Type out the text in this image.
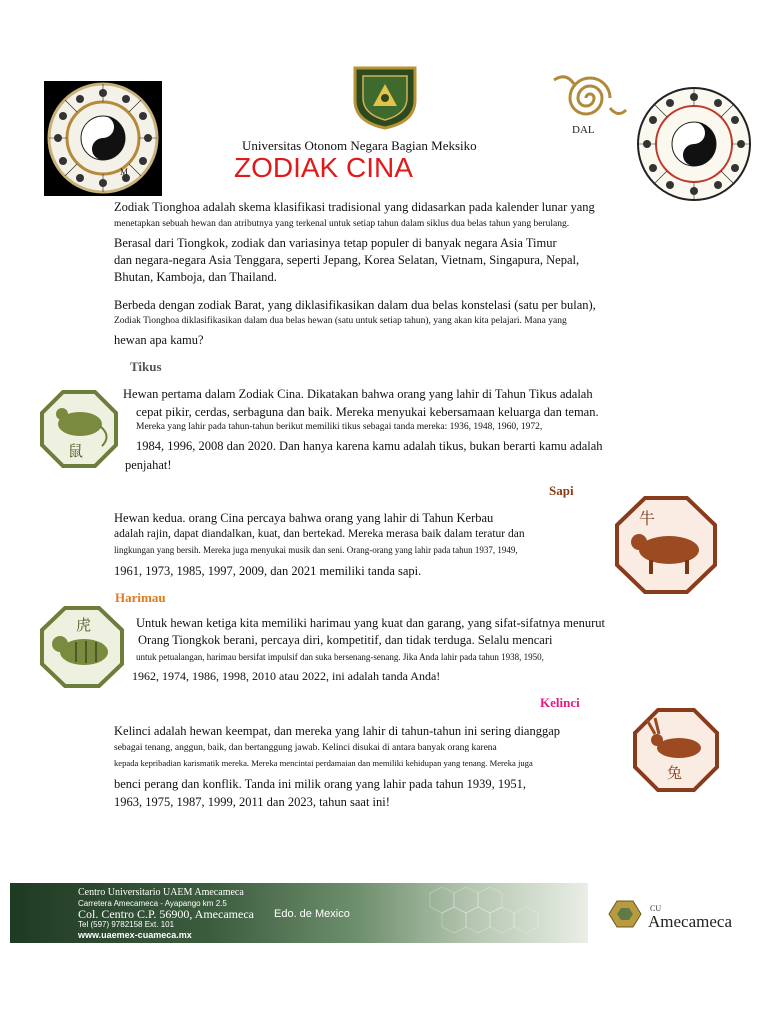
M
DAL
Universitas Otonom Negara Bagian Meksiko
ZODIAK CINA
Zodiak Tionghoa adalah skema klasifikasi tradisional yang didasarkan pada kalender lunar yang
menetapkan sebuah hewan dan atributnya yang terkenal untuk setiap tahun dalam siklus dua belas tahun yang berulang.
Berasal dari Tiongkok, zodiak dan variasinya tetap populer di banyak negara Asia Timur
dan negara-negara Asia Tenggara, seperti Jepang, Korea Selatan, Vietnam, Singapura, Nepal,
Bhutan, Kamboja, dan Thailand.
Berbeda dengan zodiak Barat, yang diklasifikasikan dalam dua belas konstelasi (satu per bulan),
Zodiak Tionghoa diklasifikasikan dalam dua belas hewan (satu untuk setiap tahun), yang akan kita pelajari. Mana yang
hewan apa kamu?
Tikus
鼠
Hewan pertama dalam Zodiak Cina. Dikatakan bahwa orang yang lahir di Tahun Tikus adalah
cepat pikir, cerdas, serbaguna dan baik. Mereka menyukai kebersamaan keluarga dan teman.
Mereka yang lahir pada tahun-tahun berikut memiliki tikus sebagai tanda mereka: 1936, 1948, 1960, 1972,
1984, 1996, 2008 dan 2020. Dan hanya karena kamu adalah tikus, bukan berarti kamu adalah
penjahat!
Sapi
牛
Hewan kedua. orang Cina percaya bahwa orang yang lahir di Tahun Kerbau
adalah rajin, dapat diandalkan, kuat, dan bertekad. Mereka merasa baik dalam teratur dan
lingkungan yang bersih. Mereka juga menyukai musik dan seni. Orang-orang yang lahir pada tahun 1937, 1949,
1961, 1973, 1985, 1997, 2009, dan 2021 memiliki tanda sapi.
Harimau
虎	Untuk hewan ketiga kita memiliki harimau yang kuat dan garang, yang sifat-sifatnya menurut
Orang Tiongkok berani, percaya diri, kompetitif, dan tidak terduga. Selalu mencari
untuk petualangan, harimau bersifat impulsif dan suka bersenang-senang. Jika Anda lahir pada tahun 1938, 1950,
1962, 1974, 1986, 1998, 2010 atau 2022, ini adalah tanda Anda!
Kelinci
兔
Kelinci adalah hewan keempat, dan mereka yang lahir di tahun-tahun ini sering dianggap
sebagai tenang, anggun, baik, dan bertanggung jawab. Kelinci disukai di antara banyak orang karena
kepada kepribadian karismatik mereka. Mereka mencintai perdamaian dan memiliki kehidupan yang tenang. Mereka juga
benci perang dan konflik. Tanda ini milik orang yang lahir pada tahun 1939, 1951,
1963, 1975, 1987, 1999, 2011 dan 2023, tahun saat ini!
Centro Universitario UAEM Amecameca
Carretera Amecameca - Ayapango km 2.5
Col. Centro C.P. 56900, Amecameca Edo. de Mexico
Tel (597) 9782158 Ext. 101
www.uaemex-cuameca.mx
CU
Amecameca
